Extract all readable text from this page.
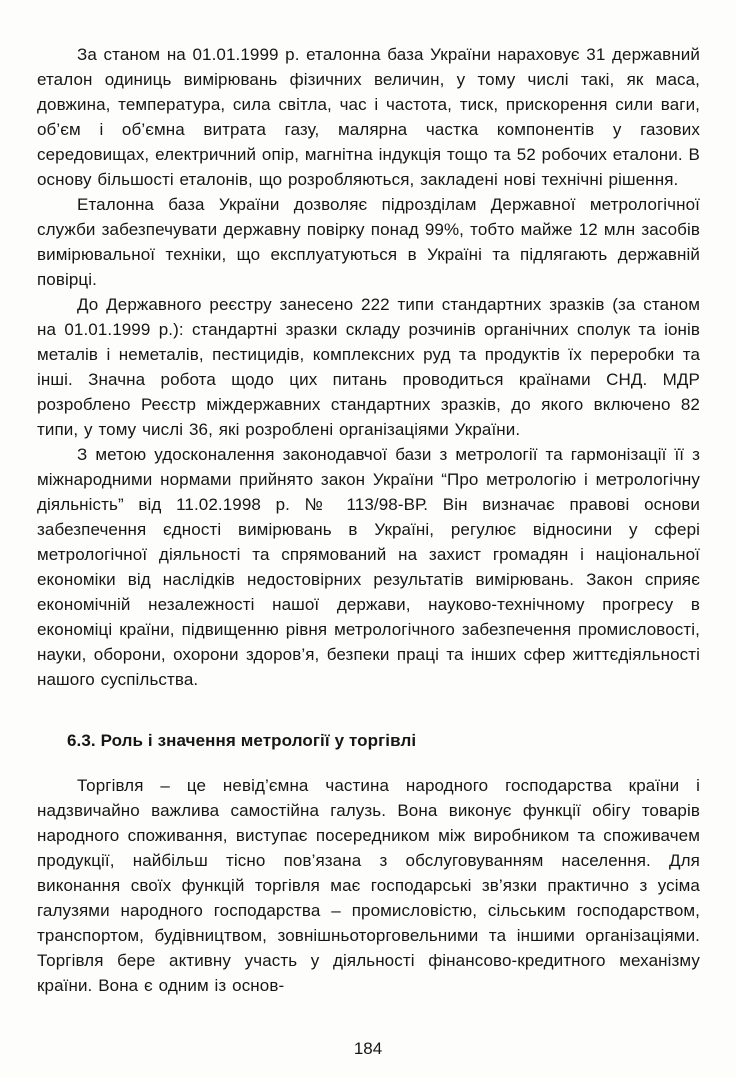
За станом на 01.01.1999 р. еталонна база України нараховує 31 державний еталон одиниць вимірювань фізичних величин, у тому числі такі, як маса, довжина, температура, сила світла, час і частота, тиск, прискорення сили ваги, об’єм і об’ємна витрата газу, малярна частка компонентів у газових середовищах, електричний опір, магнітна індукція тощо та 52 робочих еталони. В основу більшості еталонів, що розробляються, закладені нові технічні рішення.

Еталонна база України дозволяє підрозділам Державної метрологічної служби забезпечувати державну повірку понад 99%, тобто майже 12 млн засобів вимірювальної техніки, що експлуатуються в Україні та підлягають державній повірці.

До Державного реєстру занесено 222 типи стандартних зразків (за станом на 01.01.1999 р.): стандартні зразки складу розчинів органічних сполук та іонів металів і неметалів, пестицидів, комплексних руд та продуктів їх переробки та інші. Значна робота щодо цих питань проводиться країнами СНД. МДР розроблено Реєстр міждержавних стандартних зразків, до якого включено 82 типи, у тому числі 36, які розроблені організаціями України.

З метою удосконалення законодавчої бази з метрології та гармонізації її з міжнародними нормами прийнято закон України “Про метрологію і метрологічну діяльність” від 11.02.1998 р. № 113/98-ВР. Він визначає правові основи забезпечення єдності вимірювань в Україні, регулює відносини у сфері метрологічної діяльності та спрямований на захист громадян і національної економіки від наслідків недостовірних результатів вимірювань. Закон сприяє економічній незалежності нашої держави, науково-технічному прогресу в економіці країни, підвищенню рівня метрологічного забезпечення промисловості, науки, оборони, охорони здоров’я, безпеки праці та інших сфер життєдіяльності нашого суспільства.

6.3. Роль і значення метрології у торгівлі

Торгівля – це невід’ємна частина народного господарства країни і надзвичайно важлива самостійна галузь. Вона виконує функції обігу товарів народного споживання, виступає посередником між виробником та споживачем продукції, найбільш тісно пов’язана з обслуговуванням населення. Для виконання своїх функцій торгівля має господарські зв’язки практично з усіма галузями народного господарства – промисловістю, сільським господарством, транспортом, будівництвом, зовнішньоторговельними та іншими організаціями. Торгівля бере активну участь у діяльності фінансово-кредитного механізму країни. Вона є одним із основ-

184
